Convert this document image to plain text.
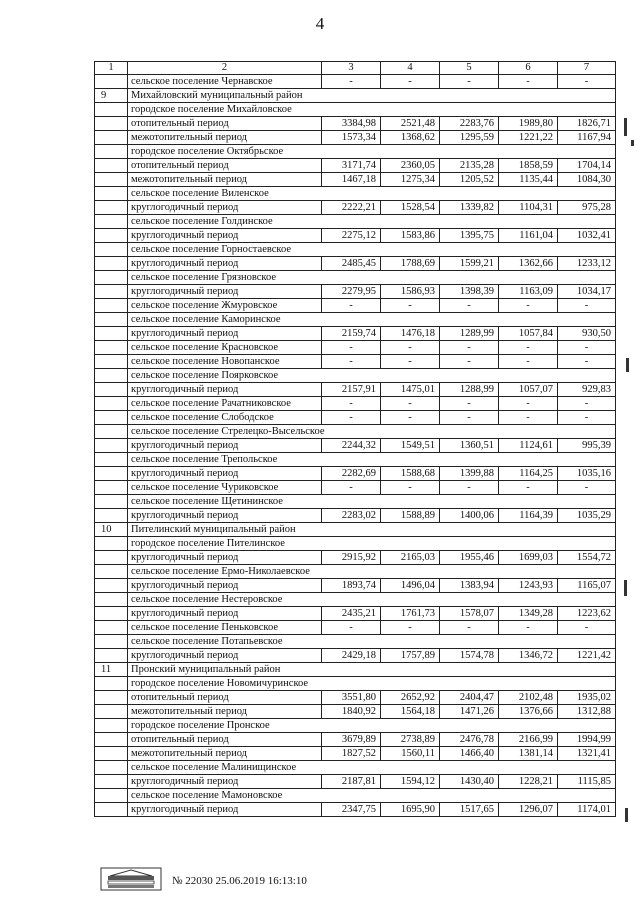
4
1	2	3	4	5	6	7
	сельское поселение Чернавское	-	-	-	-	-
9	Михайловский муниципальный район					
	городское поселение Михайловское					
	отопительный период	3384,98	2521,48	2283,76	1989,80	1826,71
	межотопительный период	1573,34	1368,62	1295,59	1221,22	1167,94
	городское поселение Октябрьское					
	отопительный период	3171,74	2360,05	2135,28	1858,59	1704,14
	межотопительный период	1467,18	1275,34	1205,52	1135,44	1084,30
	сельское поселение Виленское					
	круглогодичный период	2222,21	1528,54	1339,82	1104,31	975,28
	сельское поселение Голдинское					
	круглогодичный период	2275,12	1583,86	1395,75	1161,04	1032,41
	сельское поселение Горностаевское					
	круглогодичный период	2485,45	1788,69	1599,21	1362,66	1233,12
	сельское поселение Грязновское					
	круглогодичный период	2279,95	1586,93	1398,39	1163,09	1034,17
	сельское поселение Жмуровское	-	-	-	-	-
	сельское поселение Каморинское					
	круглогодичный период	2159,74	1476,18	1289,99	1057,84	930,50
	сельское поселение Красновское	-	-	-	-	-
	сельское поселение Новопанское	-	-	-	-	-
	сельское поселение Поярковское					
	круглогодичный период	2157,91	1475,01	1288,99	1057,07	929,83
	сельское поселение Рачатниковское	-	-	-	-	-
	сельское поселение Слободское	-	-	-	-	-
	сельское поселение Стрелецко-Высельское					
	круглогодичный период	2244,32	1549,51	1360,51	1124,61	995,39
	сельское поселение Трепольское					
	круглогодичный период	2282,69	1588,68	1399,88	1164,25	1035,16
	сельское поселение Чуриковское	-	-	-	-	-
	сельское поселение Щетининское					
	круглогодичный период	2283,02	1588,89	1400,06	1164,39	1035,29
10	Пителинский муниципальный район					
	городское поселение Пителинское					
	круглогодичный период	2915,92	2165,03	1955,46	1699,03	1554,72
	сельское поселение Ермо-Николаевское					
	круглогодичный период	1893,74	1496,04	1383,94	1243,93	1165,07
	сельское поселение Нестеровское					
	круглогодичный период	2435,21	1761,73	1578,07	1349,28	1223,62
	сельское поселение Пеньковское	-	-	-	-	-
	сельское поселение Потапьевское					
	круглогодичный период	2429,18	1757,89	1574,78	1346,72	1221,42
11	Пронский муниципальный район					
	городское поселение Новомичуринское					
	отопительный период	3551,80	2652,92	2404,47	2102,48	1935,02
	межотопительный период	1840,92	1564,18	1471,26	1376,66	1312,88
	городское поселение Пронское					
	отопительный период	3679,89	2738,89	2476,78	2166,99	1994,99
	межотопительный период	1827,52	1560,11	1466,40	1381,14	1321,41
	сельское поселение Малинищинское					
	круглогодичный период	2187,81	1594,12	1430,40	1228,21	1115,85
	сельское поселение Мамоновское					
	круглогодичный период	2347,75	1695,90	1517,65	1296,07	1174,01
№ 22030 25.06.2019 16:13:10
